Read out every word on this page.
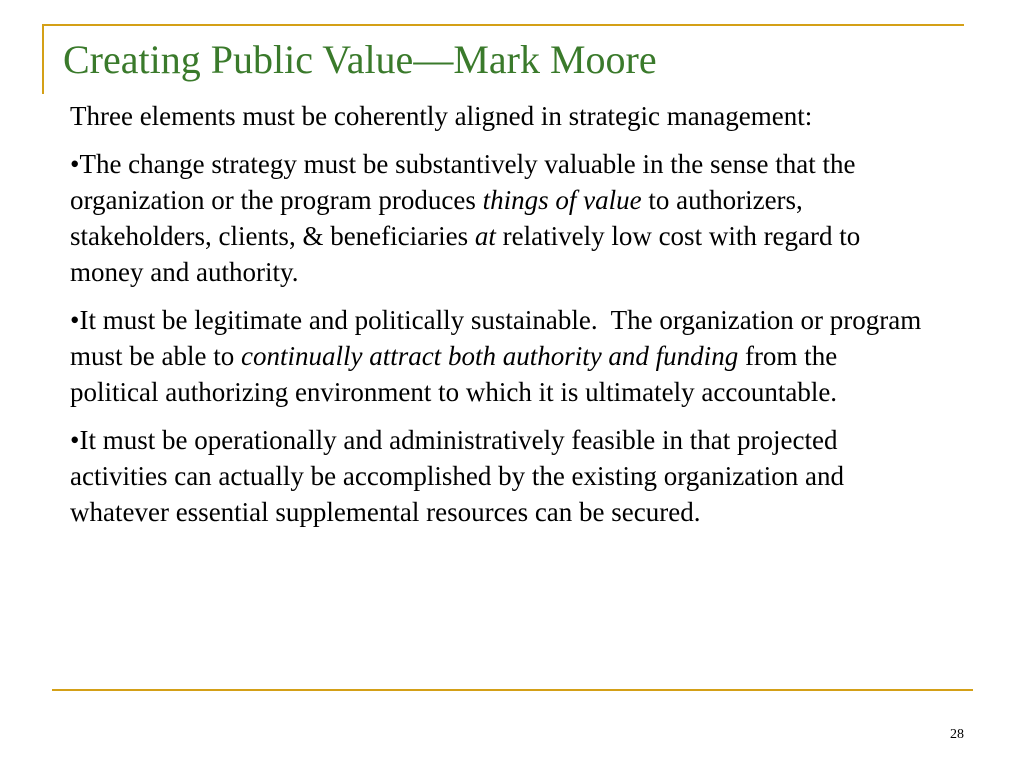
Creating Public Value—Mark Moore

Three elements must be coherently aligned in strategic management:

•The change strategy must be substantively valuable in the sense that the organization or the program produces things of value to authorizers, stakeholders, clients, & beneficiaries at relatively low cost with regard to money and authority.

•It must be legitimate and politically sustainable.  The organization or program must be able to continually attract both authority and funding from the political authorizing environment to which it is ultimately accountable.

•It must be operationally and administratively feasible in that projected activities can actually be accomplished by the existing organization and whatever essential supplemental resources can be secured.

28
